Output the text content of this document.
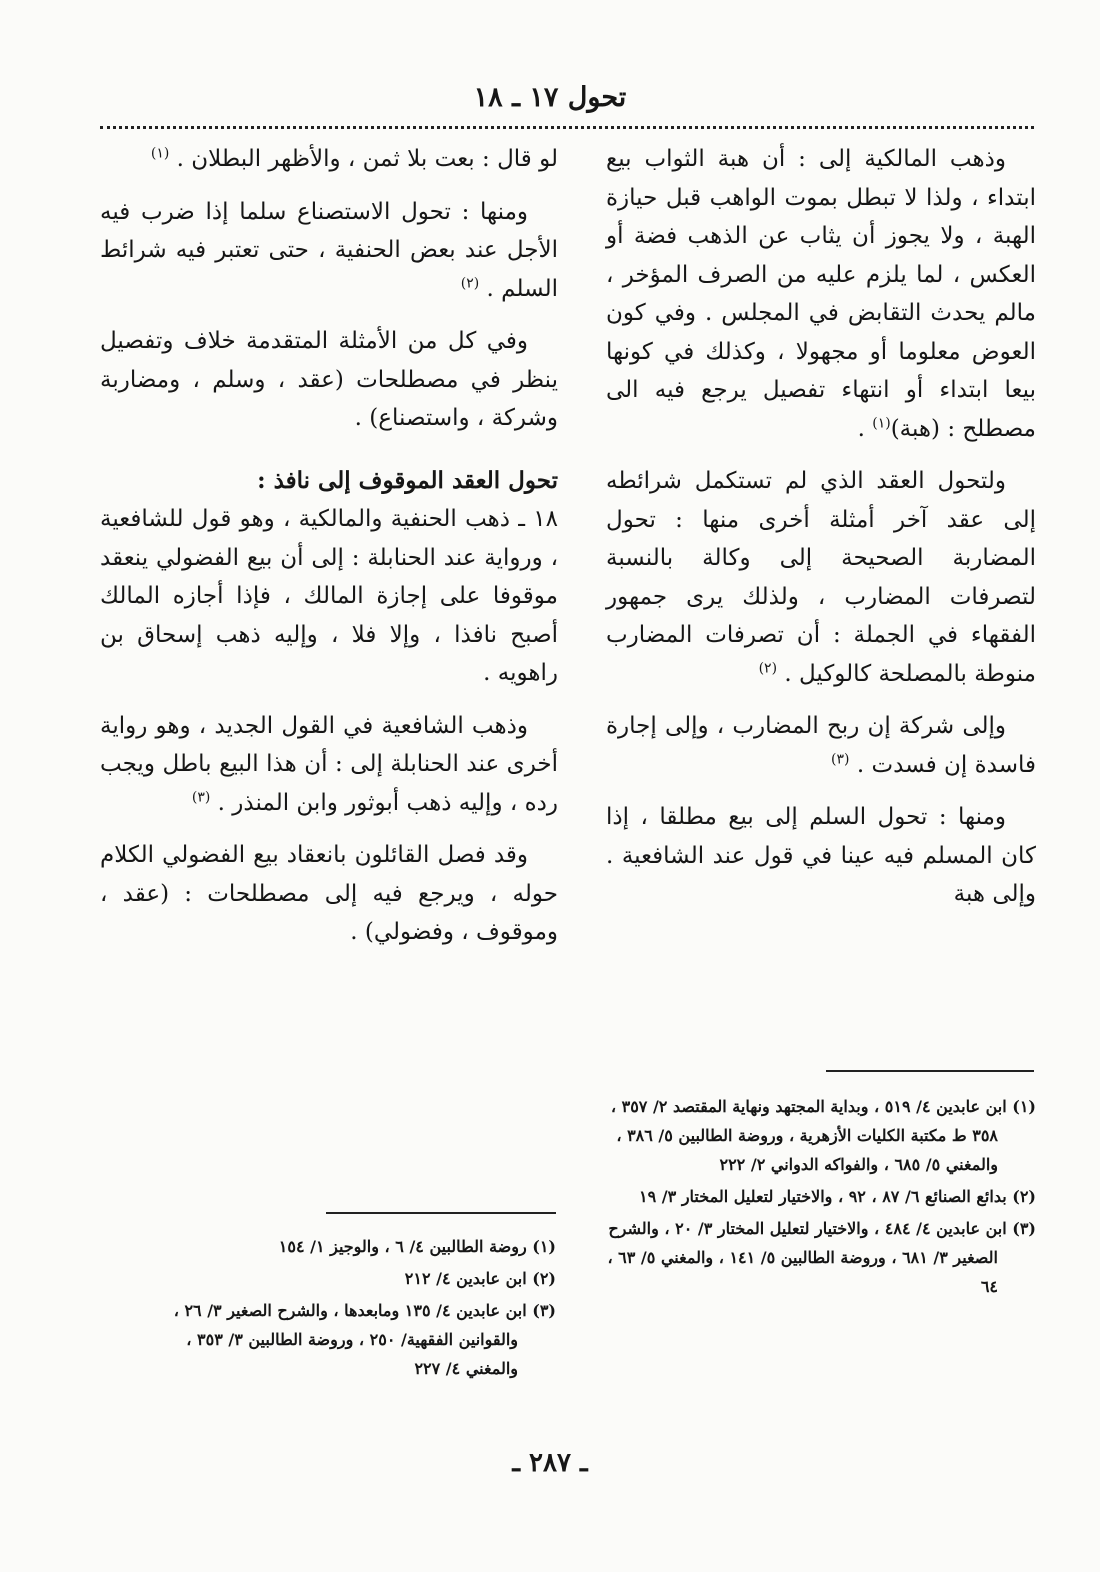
تحول ١٧ ـ ١٨

وذهب المالكية إلى : أن هبة الثواب بيع ابتداء ، ولذا لا تبطل بموت الواهب قبل حيازة الهبة ، ولا يجوز أن يثاب عن الذهب فضة أو العكس ، لما يلزم عليه من الصرف المؤخر ، مالم يحدث التقابض في المجلس . وفي كون العوض معلوما أو مجهولا ، وكذلك في كونها بيعا ابتداء أو انتهاء تفصيل يرجع فيه الى مصطلح : (هبة)$^{(١)}$ .

ولتحول العقد الذي لم تستكمل شرائطه إلى عقد آخر أمثلة أخرى منها : تحول المضاربة الصحيحة إلى وكالة بالنسبة لتصرفات المضارب ، ولذلك يرى جمهور الفقهاء في الجملة : أن تصرفات المضارب منوطة بالمصلحة كالوكيل . $^{(٢)}$

وإلى شركة إن ربح المضارب ، وإلى إجارة فاسدة إن فسدت . $^{(٣)}$

ومنها : تحول السلم إلى بيع مطلقا ، إذا كان المسلم فيه عينا في قول عند الشافعية . وإلى هبة

لو قال : بعت بلا ثمن ، والأظهر البطلان . $^{(١)}$

ومنها : تحول الاستصناع سلما إذا ضرب فيه الأجل عند بعض الحنفية ، حتى تعتبر فيه شرائط السلم . $^{(٢)}$

وفي كل من الأمثلة المتقدمة خلاف وتفصيل ينظر في مصطلحات (عقد ، وسلم ، ومضاربة وشركة ، واستصناع) .

تحول العقد الموقوف إلى نافذ :

١٨ ـ ذهب الحنفية والمالكية ، وهو قول للشافعية ، ورواية عند الحنابلة : إلى أن بيع الفضولي ينعقد موقوفا على إجازة المالك ، فإذا أجازه المالك أصبح نافذا ، وإلا فلا ، وإليه ذهب إسحاق بن راهويه .

وذهب الشافعية في القول الجديد ، وهو رواية أخرى عند الحنابلة إلى : أن هذا البيع باطل ويجب رده ، وإليه ذهب أبوثور وابن المنذر . $^{(٣)}$

وقد فصل القائلون بانعقاد بيع الفضولي الكلام حوله ، ويرجع فيه إلى مصطلحات : (عقد ، وموقوف ، وفضولي) .

(١) ابن عابدين ٤/ ٥١٩ ، وبداية المجتهد ونهاية المقتصد ٢/ ٣٥٧ ، ٣٥٨ ط مكتبة الكليات الأزهرية ، وروضة الطالبين ٥/ ٣٨٦ ، والمغني ٥/ ٦٨٥ ، والفواكه الدواني ٢/ ٢٢٢
(٢) بدائع الصنائع ٦/ ٨٧ ، ٩٢ ، والاختيار لتعليل المختار ٣/ ١٩
(٣) ابن عابدين ٤/ ٤٨٤ ، والاختيار لتعليل المختار ٣/ ٢٠ ، والشرح الصغير ٣/ ٦٨١ ، وروضة الطالبين ٥/ ١٤١ ، والمغني ٥/ ٦٣ ، ٦٤
(١) روضة الطالبين ٤/ ٦ ، والوجيز ١/ ١٥٤
(٢) ابن عابدين ٤/ ٢١٢
(٣) ابن عابدين ٤/ ١٣٥ ومابعدها ، والشرح الصغير ٣/ ٢٦ ، والقوانين الفقهية/ ٢٥٠ ، وروضة الطالبين ٣/ ٣٥٣ ، والمغني ٤/ ٢٢٧
ـ ٢٨٧ ـ
